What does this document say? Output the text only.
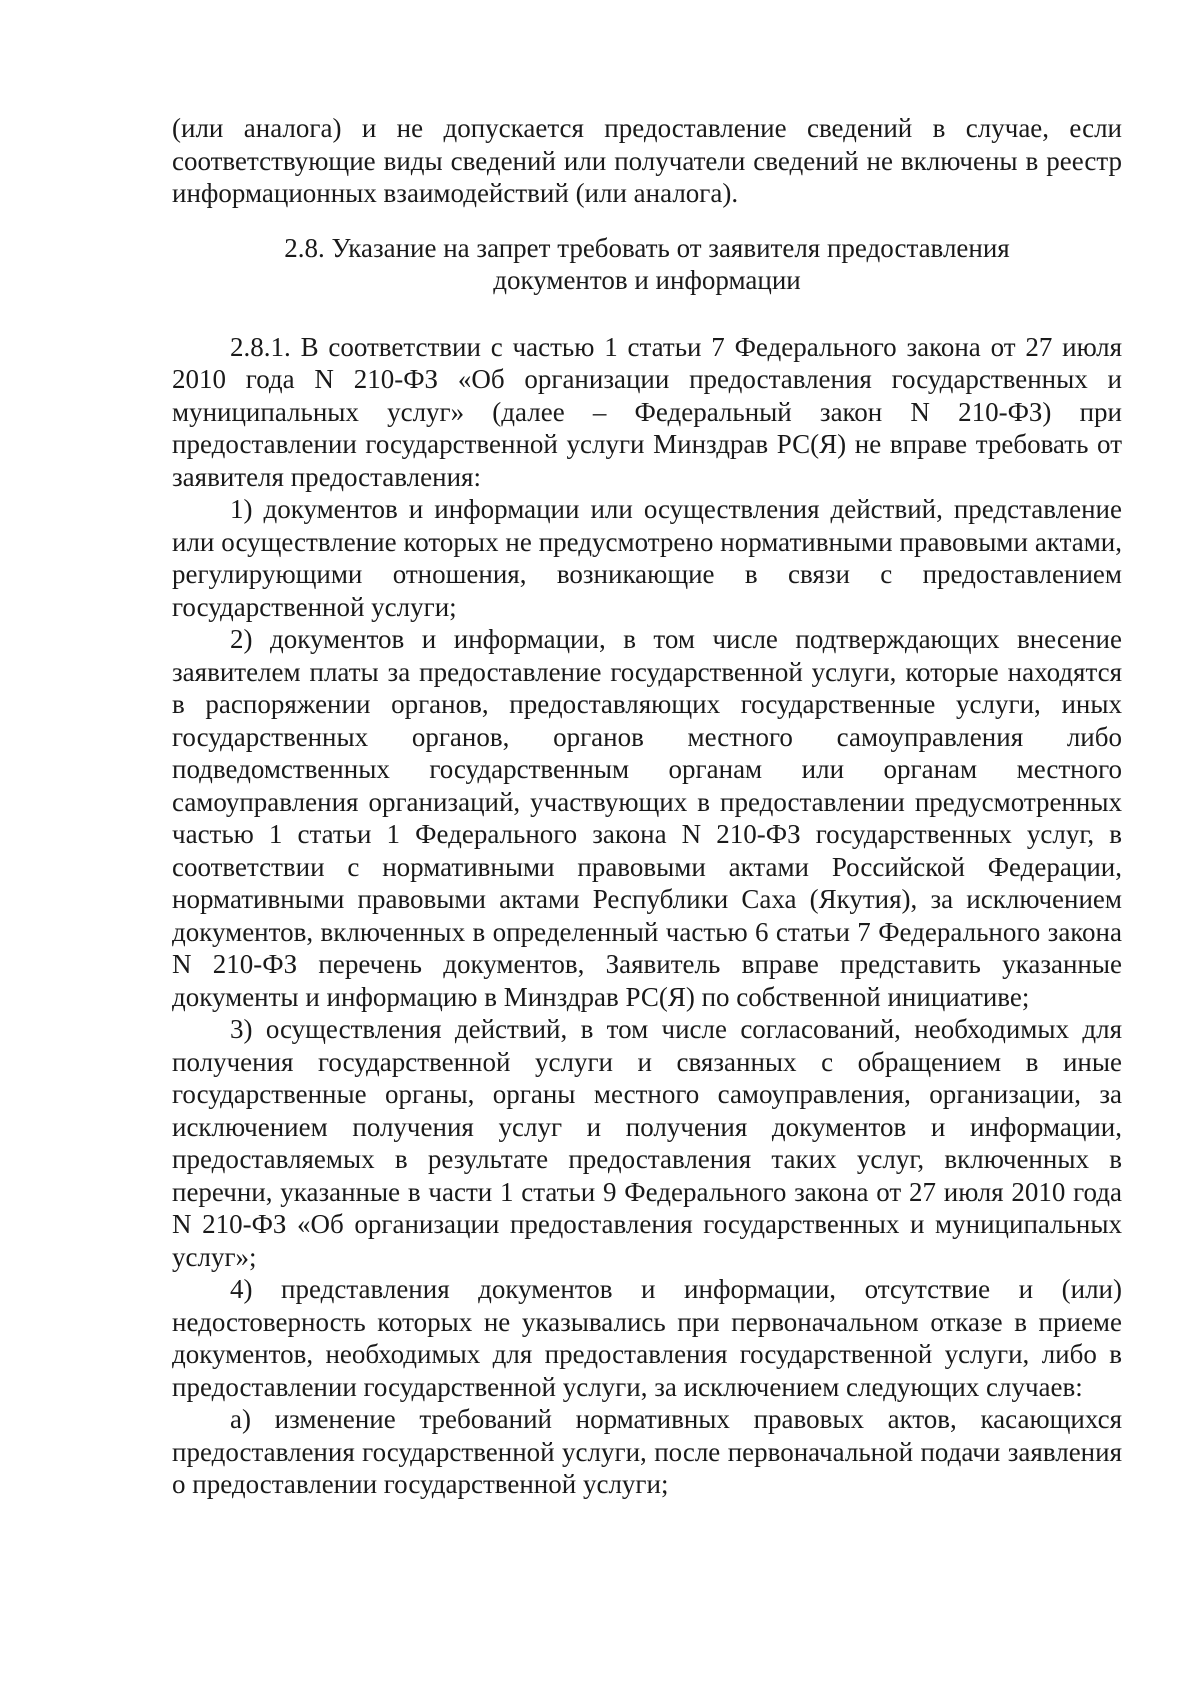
(или аналога) и не допускается предоставление сведений в случае, если соответствующие виды сведений или получатели сведений не включены в реестр информационных взаимодействий (или аналога).

2.8. Указание на запрет требовать от заявителя предоставления
документов и информации

2.8.1. В соответствии с частью 1 статьи 7 Федерального закона от 27 июля 2010 года N 210-ФЗ «Об организации предоставления государственных и муниципальных услуг» (далее – Федеральный закон N 210-ФЗ) при предоставлении государственной услуги Минздрав РС(Я) не вправе требовать от заявителя предоставления:

1) документов и информации или осуществления действий, представление или осуществление которых не предусмотрено нормативными правовыми актами, регулирующими отношения, возникающие в связи с предоставлением государственной услуги;

2) документов и информации, в том числе подтверждающих внесение заявителем платы за предоставление государственной услуги, которые находятся в распоряжении органов, предоставляющих государственные услуги, иных государственных органов, органов местного самоуправления либо подведомственных государственным органам или органам местного самоуправления организаций, участвующих в предоставлении предусмотренных частью 1 статьи 1 Федерального закона N 210-ФЗ государственных услуг, в соответствии с нормативными правовыми актами Российской Федерации, нормативными правовыми актами Республики Саха (Якутия), за исключением документов, включенных в определенный частью 6 статьи 7 Федерального закона N 210-ФЗ перечень документов, Заявитель вправе представить указанные документы и информацию в Минздрав РС(Я) по собственной инициативе;

3) осуществления действий, в том числе согласований, необходимых для получения государственной услуги и связанных с обращением в иные государственные органы, органы местного самоуправления, организации, за исключением получения услуг и получения документов и информации, предоставляемых в результате предоставления таких услуг, включенных в перечни, указанные в части 1 статьи 9 Федерального закона от 27 июля 2010 года N 210-ФЗ «Об организации предоставления государственных и муниципальных услуг»;

4) представления документов и информации, отсутствие и (или) недостоверность которых не указывались при первоначальном отказе в приеме документов, необходимых для предоставления государственной услуги, либо в предоставлении государственной услуги, за исключением следующих случаев:

а) изменение требований нормативных правовых актов, касающихся предоставления государственной услуги, после первоначальной подачи заявления о предоставлении государственной услуги;
